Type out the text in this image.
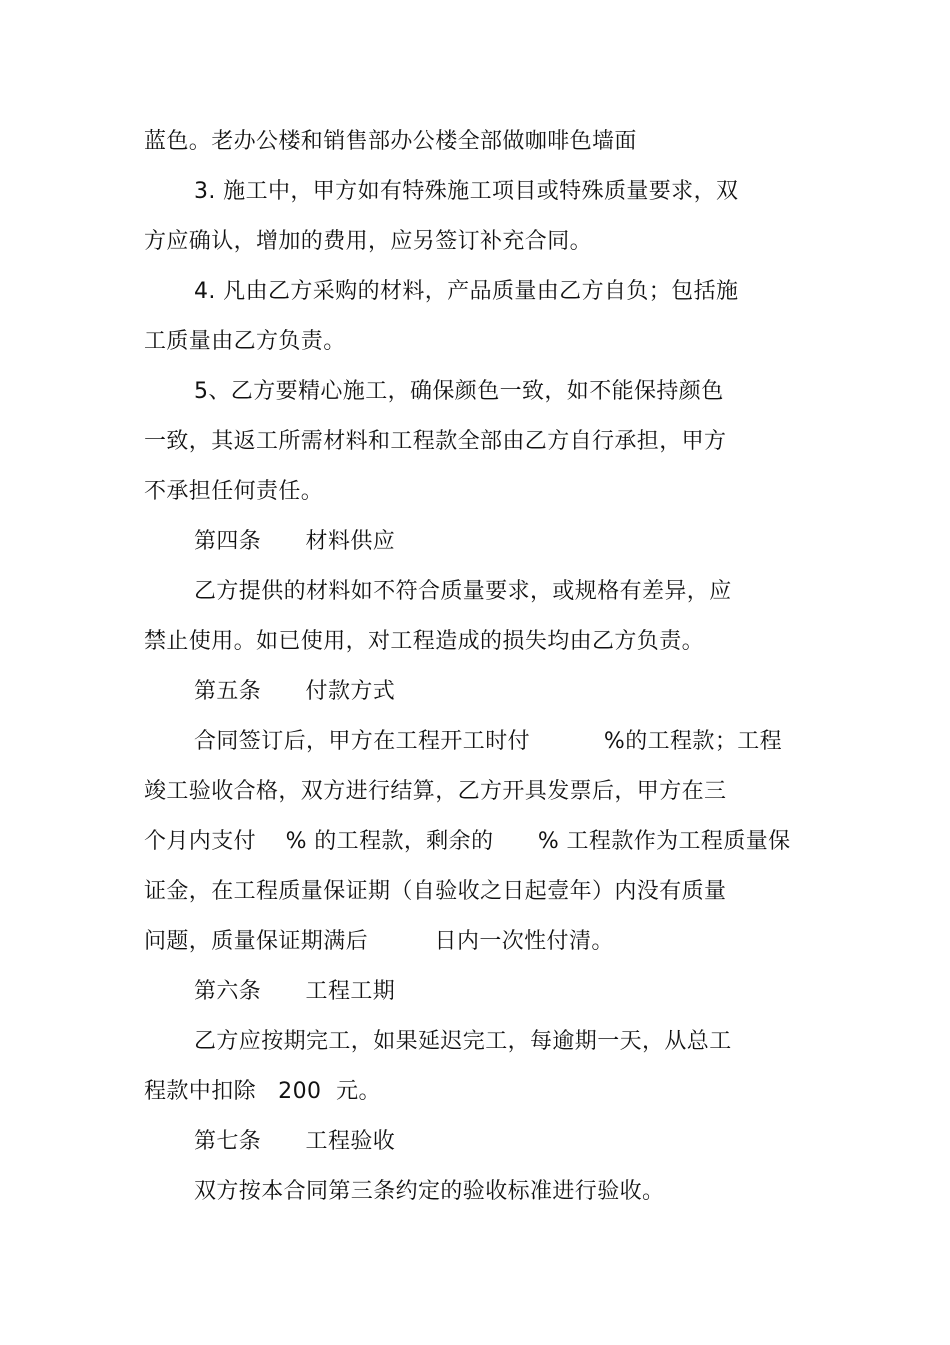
蓝色。老办公楼和销售部办公楼全部做咖啡色墙面
3. 施工中，甲方如有特殊施工项目或特殊质量要求，双
方应确认，增加的费用，应另签订补充合同。
4. 凡由乙方采购的材料，产品质量由乙方自负；包括施
工质量由乙方负责。
5、乙方要精心施工，确保颜色一致，如不能保持颜色
一致，其返工所需材料和工程款全部由乙方自行承担，甲方
不承担任何责任。
第四条      材料供应
乙方提供的材料如不符合质量要求，或规格有差异，应
禁止使用。如已使用，对工程造成的损失均由乙方负责。
第五条      付款方式
合同签订后，甲方在工程开工时付          %的工程款；工程
竣工验收合格，双方进行结算，乙方开具发票后，甲方在三
个月内支付    % 的工程款，剩余的      % 工程款作为工程质量保
证金，在工程质量保证期（自验收之日起壹年）内没有质量
问题，质量保证期满后         日内一次性付清。
第六条      工程工期
乙方应按期完工，如果延迟完工，每逾期一天，从总工
程款中扣除   200  元。
第七条      工程验收
双方按本合同第三条约定的验收标准进行验收。
